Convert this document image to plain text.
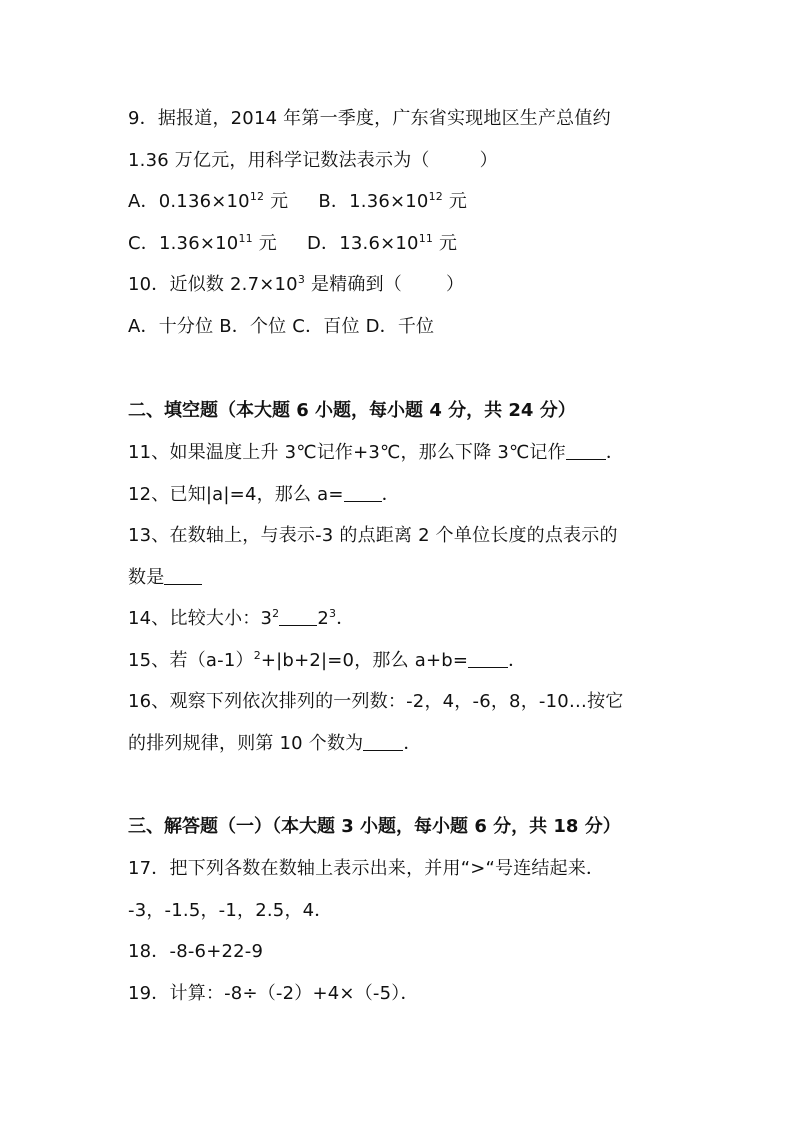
9．据报道，2014 年第一季度，广东省实现地区生产总值约
1.36 万亿元，用科学记数法表示为（	）
A．$0.136\times 10^{12}$ 元 B．$1.36\times 10^{12}$ 元
C．$1.36\times 10^{11}$ 元 D．$13.6\times 10^{11}$ 元
10．近似数 $2.7\times 10^3$ 是精确到（ ）
A．十分位 B．个位 C．百位 D．千位
二、填空题（本大题 6 小题，每小题 4 分，共 24 分）
11、如果温度上升 3℃记作+3℃，那么下降 3℃记作 ．
12、已知|a|=4，那么 a= ．
13、在数轴上，与表示-3 的点距离 2 个单位长度的点表示的
数是
14、比较大小：$3^2$ $2^3$．
15、若$(a-1)^2+|b+2|=0$，那么 a+b= ．
16、观察下列依次排列的一列数：-2，4，-6，8，-10…按它
的排列规律，则第 10 个数为 ．
三、解答题（一）（本大题 3 小题，每小题 6 分，共 18 分）
17．把下列各数在数轴上表示出来，并用“>“号连结起来．
-3，-1.5，-1，2.5，4．
18．-8-6+22-9
19．计算：-8÷（-2）+4×（-5）．
